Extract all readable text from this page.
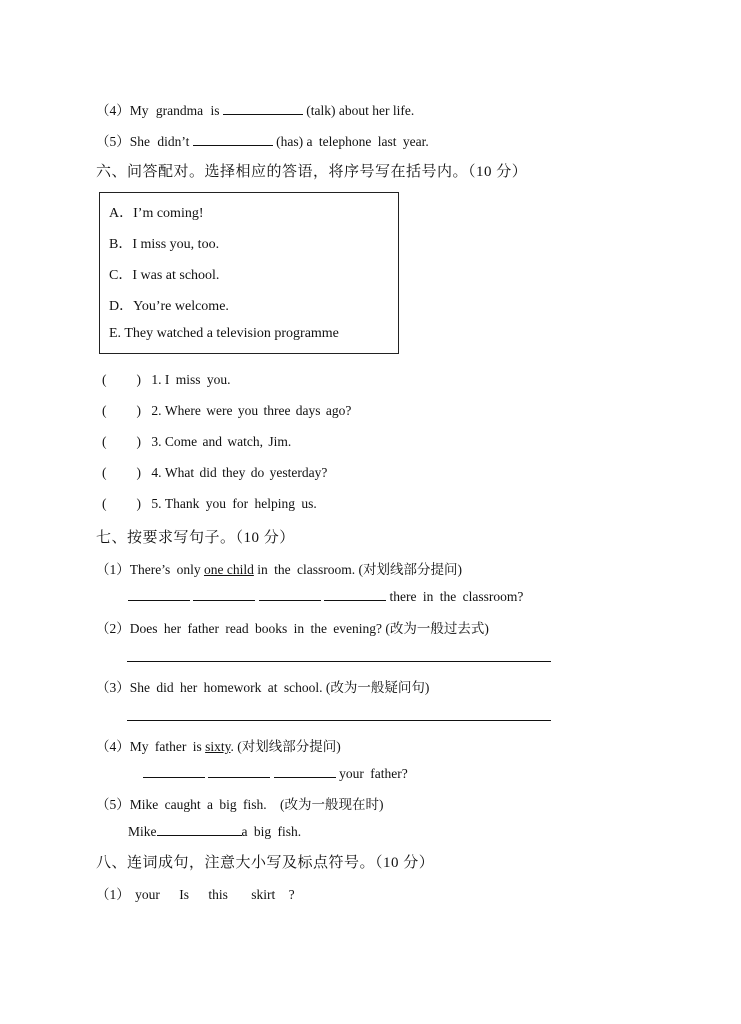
（4）My grandma is	(talk) about her life.
（5）She didn’t	(has) a telephone last year.
六、问答配对。选择相应的答语，将序号写在括号内。（10 分）
A．I’m coming!
B．I miss you, too.
C．I was at school.
D．You’re welcome.
E. They watched a television programme
( ) 1. I miss you.
( ) 2. Where were you three days ago?
( ) 3. Come and watch, Jim.
( ) 4. What did they do yesterday?
( ) 5. Thank you for helping us.
七、按要求写句子。（10 分）
（1）There’s only one child in the classroom. (对划线部分提问)
there in the classroom?
（2）Does her father read books in the evening? (改为一般过去式)
（3）She did her homework at school. (改为一般疑问句)
（4）My father is sixty. (对划线部分提问)
your father?
（5）Mike caught a big fish. (改为一般现在时)
Mike	a big fish.
八、连词成句，注意大小写及标点符号。（10 分）
（1） your Is this skirt ?
